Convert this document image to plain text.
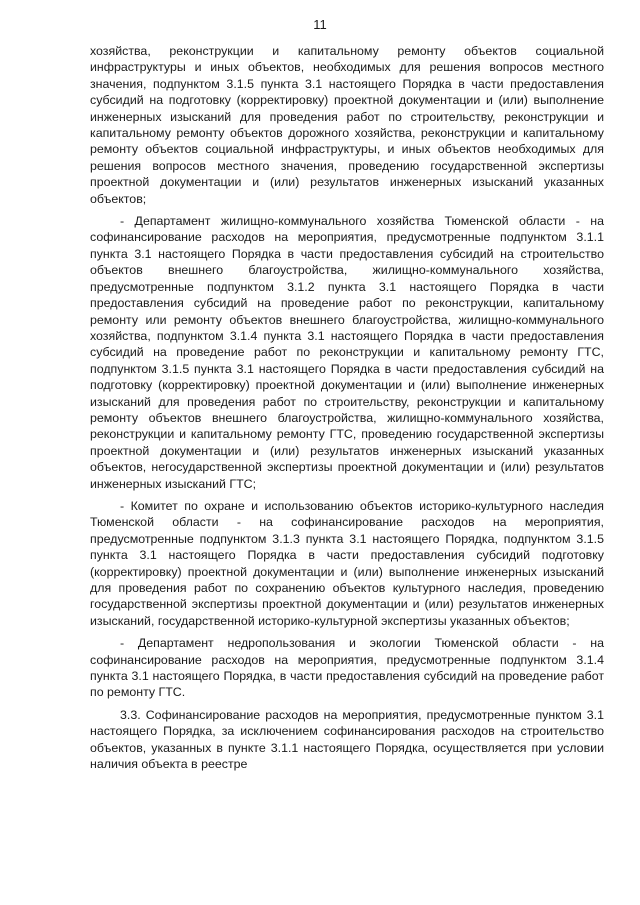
11

хозяйства, реконструкции и капитальному ремонту объектов социальной инфраструктуры и иных объектов, необходимых для решения вопросов местного значения, подпунктом 3.1.5 пункта 3.1 настоящего Порядка в части предоставления субсидий на подготовку (корректировку) проектной документации и (или) выполнение инженерных изысканий для проведения работ по строительству, реконструкции и капитальному ремонту объектов дорожного хозяйства, реконструкции и капитальному ремонту объектов социальной инфраструктуры, и иных объектов необходимых для решения вопросов местного значения, проведению государственной экспертизы проектной документации и (или) результатов инженерных изысканий указанных объектов;

- Департамент жилищно-коммунального хозяйства Тюменской области - на софинансирование расходов на мероприятия, предусмотренные подпунктом 3.1.1 пункта 3.1 настоящего Порядка в части предоставления субсидий на строительство объектов внешнего благоустройства, жилищно-коммунального хозяйства, предусмотренные подпунктом 3.1.2 пункта 3.1 настоящего Порядка в части предоставления субсидий на проведение работ по реконструкции, капитальному ремонту или ремонту объектов внешнего благоустройства, жилищно-коммунального хозяйства, подпунктом 3.1.4 пункта 3.1 настоящего Порядка в части предоставления субсидий на проведение работ по реконструкции и капитальному ремонту ГТС, подпунктом 3.1.5 пункта 3.1 настоящего Порядка в части предоставления субсидий на подготовку (корректировку) проектной документации и (или) выполнение инженерных изысканий для проведения работ по строительству, реконструкции и капитальному ремонту объектов внешнего благоустройства, жилищно-коммунального хозяйства, реконструкции и капитальному ремонту ГТС, проведению государственной экспертизы проектной документации и (или) результатов инженерных изысканий указанных объектов, негосударственной экспертизы проектной документации и (или) результатов инженерных изысканий ГТС;

- Комитет по охране и использованию объектов историко-культурного наследия Тюменской области - на софинансирование расходов на мероприятия, предусмотренные подпунктом 3.1.3 пункта 3.1 настоящего Порядка, подпунктом 3.1.5 пункта 3.1 настоящего Порядка в части предоставления субсидий подготовку (корректировку) проектной документации и (или) выполнение инженерных изысканий для проведения работ по сохранению объектов культурного наследия, проведению государственной экспертизы проектной документации и (или) результатов инженерных изысканий, государственной историко-культурной экспертизы указанных объектов;

- Департамент недропользования и экологии Тюменской области - на софинансирование расходов на мероприятия, предусмотренные подпунктом 3.1.4 пункта 3.1 настоящего Порядка, в части предоставления субсидий на проведение работ по ремонту ГТС.

3.3. Софинансирование расходов на мероприятия, предусмотренные пунктом 3.1 настоящего Порядка, за исключением софинансирования расходов на строительство объектов, указанных в пункте 3.1.1 настоящего Порядка, осуществляется при условии наличия объекта в реестре
